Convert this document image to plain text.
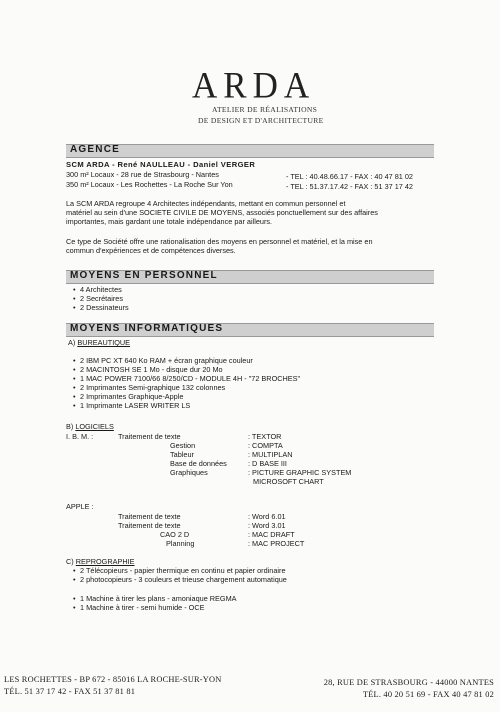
ARDA
ATELIER DE RÉALISATIONS
DE DESIGN ET D'ARCHITECTURE
AGENCE
SCM ARDA - René NAULLEAU - Daniel VERGER
300 m² Locaux - 28 rue de Strasbourg - Nantes	- TEL : 40.48.66.17 - FAX : 40 47 81 02
350 m² Locaux - Les Rochettes - La Roche Sur Yon	- TEL : 51.37.17.42 - FAX : 51 37 17 42
La SCM ARDA regroupe 4 Architectes indépendants, mettant en commun personnel et
matériel au sein d'une SOCIETE CIVILE DE MOYENS, associés ponctuellement sur des affaires
importantes, mais gardant une totale indépendance par ailleurs.
Ce type de Société offre une rationalisation des moyens en personnel et matériel, et la mise en
commun d'expériences et de compétences diverses.
MOYENS EN PERSONNEL
• 4 Architectes
• 2 Secrétaires
• 2 Dessinateurs
MOYENS INFORMATIQUES
A) BUREAUTIQUE
• 2 IBM PC XT 640 Ko RAM + écran graphique couleur
• 2 MACINTOSH SE 1 Mo - disque dur 20 Mo
• 1 MAC POWER 7100/66 8/250/CD - MODULE 4H - "72 BROCHES"
• 2 Imprimantes Semi-graphique 132 colonnes
• 2 Imprimantes Graphique-Apple
• 1 Imprimante LASER WRITER LS
B) LOGICIELS
I. B. M. :	Traitement de texte	: TEXTOR
Gestion	: COMPTA
Tableur	: MULTIPLAN
Base de données	: D BASE III
Graphiques	: PICTURE GRAPHIC SYSTEM
MICROSOFT CHART
APPLE :
Traitement de texte	: Word 6.01
Traitement de texte	: Word 3.01
CAO 2 D	: MAC DRAFT
Planning	: MAC PROJECT
C) REPROGRAPHIE
• 2 Télécopieurs - papier thermique en continu et papier ordinaire
• 2 photocopieurs - 3 couleurs et trieuse chargement automatique
• 1 Machine à tirer les plans - amoniaque REGMA
• 1 Machine à tirer - semi humide - OCE
LES ROCHETTES - BP 672 - 85016 LA ROCHE-SUR-YON
TÉL. 51 37 17 42 - FAX 51 37 81 81
28, RUE DE STRASBOURG - 44000 NANTES
TÉL. 40 20 51 69 - FAX 40 47 81 02
